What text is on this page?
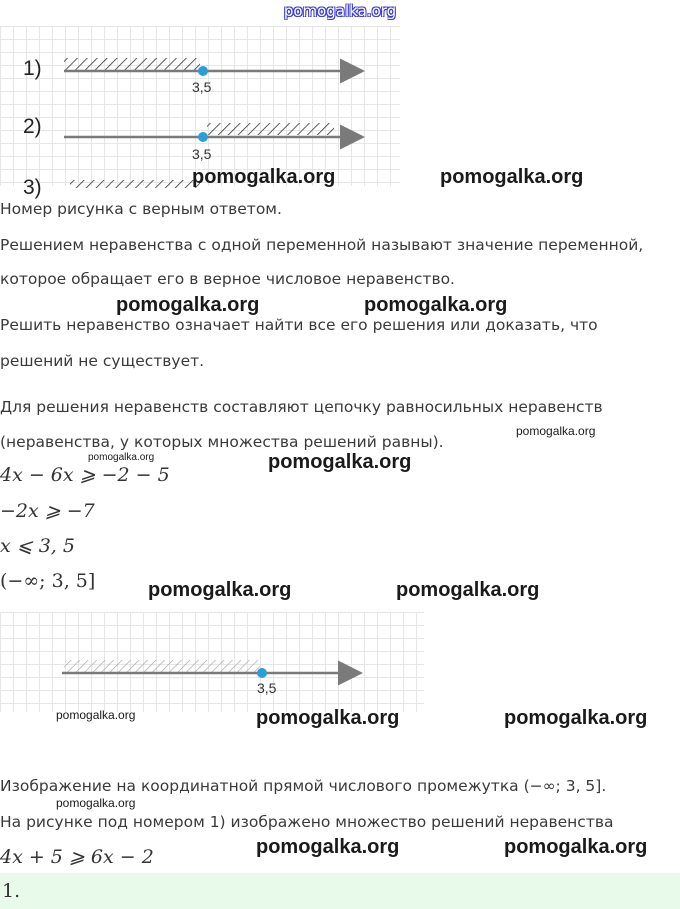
pomogalka.org
1)
3,5
2)
3,5
3)	pomogalka.org	pomogalka.org
Номер рисунка с верным ответом.
Решением неравенства с одной переменной называют значение переменной,
которое обращает его в верное числовое неравенство.
pomogalka.org	pomogalka.org
Решить неравенство означает найти все его решения или доказать, что
решений не существует.
Для решения неравенств составляют цепочку равносильных неравенств
(неравенства, у которых множества решений равны).
pomogalka.org
pomogalka.org	pomogalka.org
4x − 6x ⩾ −2 − 5
−2x ⩾ −7
x ⩽ 3, 5
(−∞; 3, 5]	pomogalka.org	pomogalka.org
3,5
pomogalka.org	pomogalka.org	pomogalka.org
Изображение на координатной прямой числового промежутка (−∞; 3, 5].
pomogalka.org
На рисунке под номером 1) изображено множество решений неравенства
4x + 5 ⩾ 6x − 2	pomogalka.org	pomogalka.org
1.
